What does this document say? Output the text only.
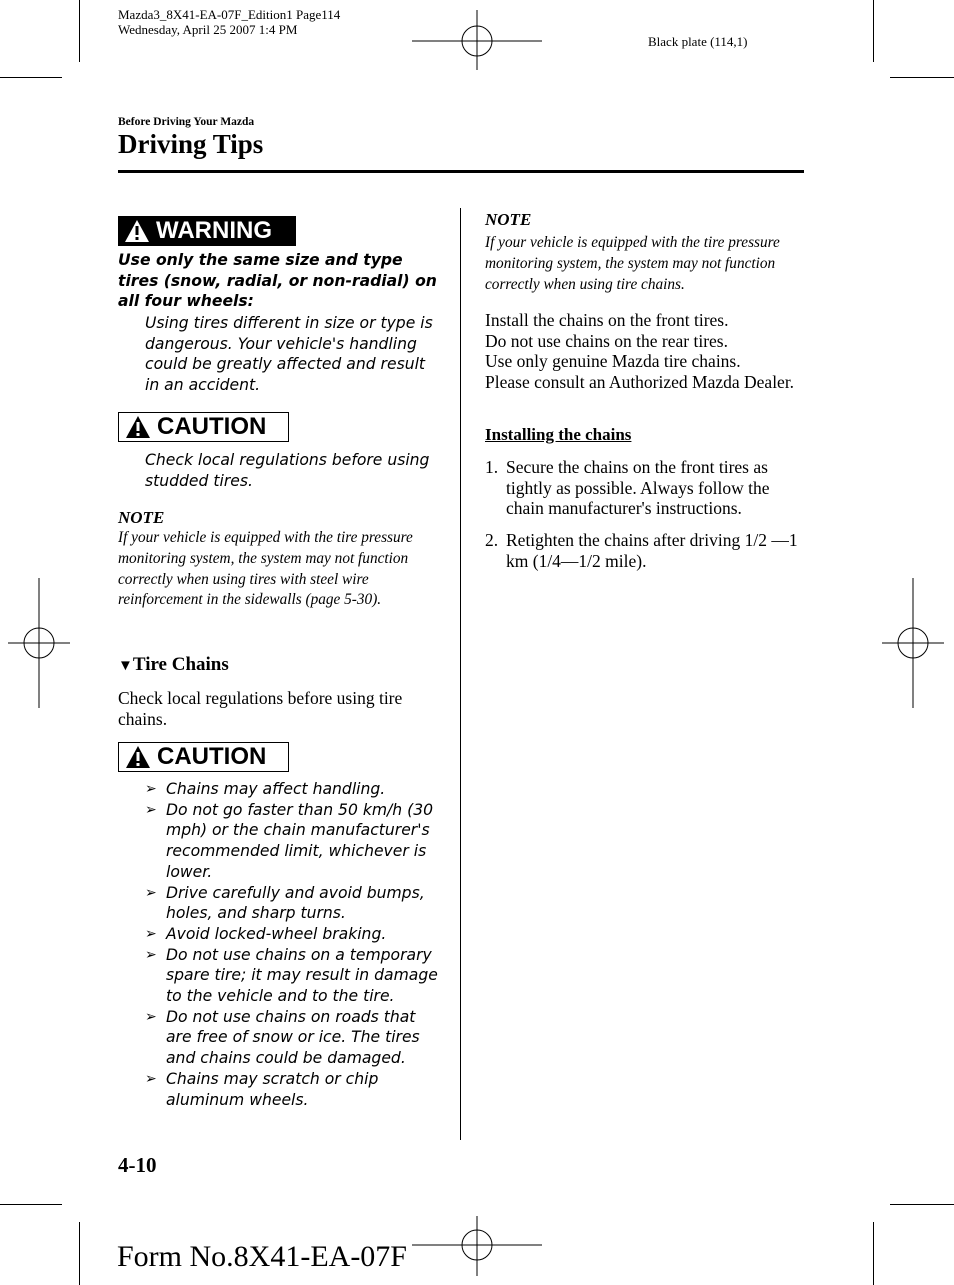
Mazda3_8X41-EA-07F_Edition1 Page114
Wednesday, April 25 2007 1:4 PM
Black plate (114,1)
Before Driving Your Mazda
Driving Tips
WARNING
Use only the same size and type tires (snow, radial, or non-radial) on all four wheels:
Using tires different in size or type is dangerous. Your vehicle's handling could be greatly affected and result in an accident.
CAUTION
Check local regulations before using studded tires.
NOTE
If your vehicle is equipped with the tire pressure monitoring system, the system may not function correctly when using tires with steel wire reinforcement in the sidewalls (page 5-30).
▼Tire Chains
Check local regulations before using tire chains.
CAUTION
➢ Chains may affect handling.
➢ Do not go faster than 50 km/h (30 mph) or the chain manufacturer's recommended limit, whichever is lower.
➢ Drive carefully and avoid bumps, holes, and sharp turns.
➢ Avoid locked-wheel braking.
➢ Do not use chains on a temporary spare tire; it may result in damage to the vehicle and to the tire.
➢ Do not use chains on roads that are free of snow or ice. The tires and chains could be damaged.
➢ Chains may scratch or chip aluminum wheels.
NOTE
If your vehicle is equipped with the tire pressure monitoring system, the system may not function correctly when using tire chains.
Install the chains on the front tires.
Do not use chains on the rear tires.
Use only genuine Mazda tire chains.
Please consult an Authorized Mazda Dealer.
Installing the chains
1. Secure the chains on the front tires as tightly as possible. Always follow the chain manufacturer's instructions.
2. Retighten the chains after driving 1/2 ―1 km (1/4―1/2 mile).
4-10
Form No.8X41-EA-07F
